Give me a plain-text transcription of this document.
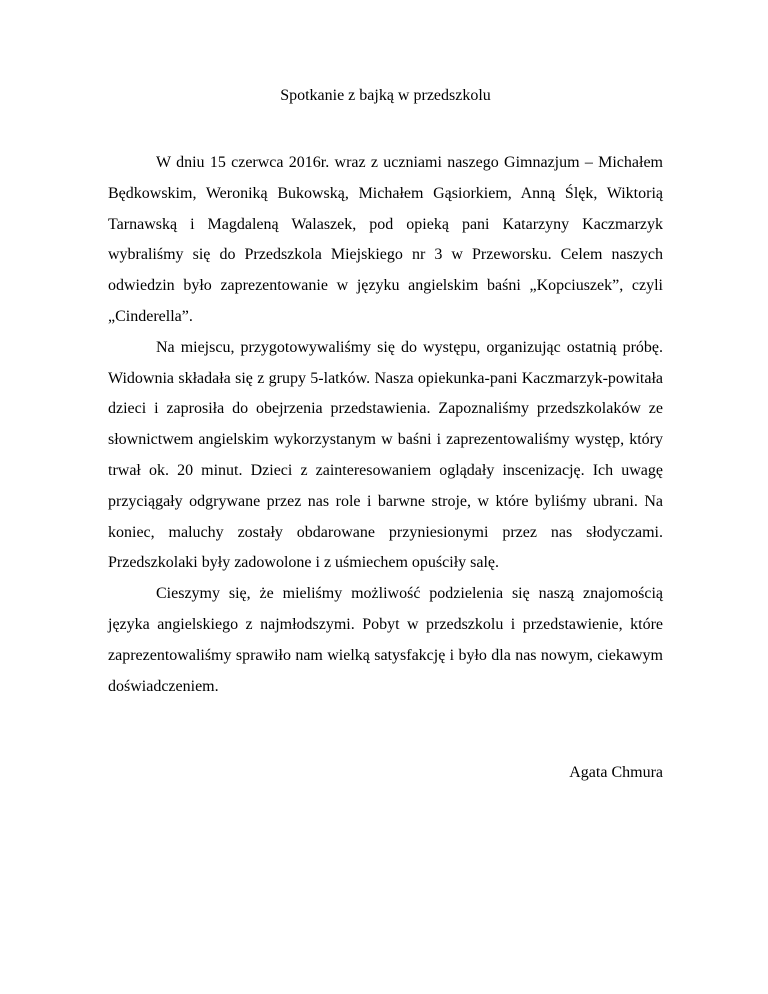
Spotkanie z bajką w przedszkolu

W dniu 15 czerwca 2016r. wraz z uczniami naszego Gimnazjum – Michałem Będkowskim, Weroniką Bukowską, Michałem Gąsiorkiem, Anną Ślęk, Wiktorią Tarnawską i Magdaleną Walaszek, pod opieką pani Katarzyny Kaczmarzyk wybraliśmy się do Przedszkola Miejskiego nr 3 w Przeworsku. Celem naszych odwiedzin było zaprezentowanie w języku angielskim baśni „Kopciuszek”, czyli „Cinderella”.

Na miejscu, przygotowywaliśmy się do występu, organizując ostatnią próbę. Widownia składała się z grupy 5-latków. Nasza opiekunka-pani Kaczmarzyk-powitała dzieci i zaprosiła do obejrzenia przedstawienia. Zapoznaliśmy przedszkolaków ze słownictwem angielskim wykorzystanym w baśni i zaprezentowaliśmy występ, który trwał ok. 20 minut. Dzieci z zainteresowaniem oglądały inscenizację. Ich uwagę przyciągały odgrywane przez nas role i barwne stroje, w które byliśmy ubrani. Na koniec, maluchy zostały obdarowane przyniesionymi przez nas słodyczami. Przedszkolaki były zadowolone i z uśmiechem opuściły salę.

Cieszymy się, że mieliśmy możliwość podzielenia się naszą znajomością języka angielskiego z najmłodszymi. Pobyt w przedszkolu i przedstawienie, które zaprezentowaliśmy sprawiło nam wielką satysfakcję i było dla nas nowym, ciekawym doświadczeniem.

Agata Chmura
